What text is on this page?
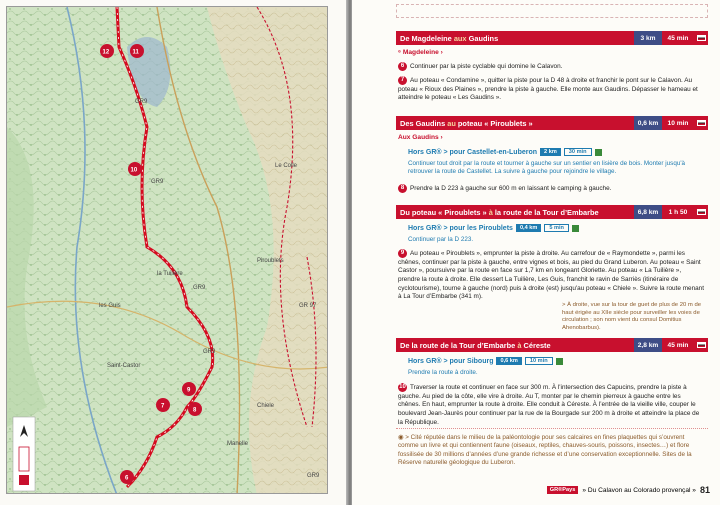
GR9
GR9
GR9
GR9
Le Colle
Piroublets
la Tuilière
les Guis
Saint-Castor
Chiele
Manelle
GR 97
GR9
12	11
10
9
8
7
6
De Magdeleine aux Gaudins	3 km	45 min
⁶ Magdeleine ›
6 Continuer par la piste cyclable qui domine le Calavon.
7 Au poteau « Condamine », quitter la piste pour la D 48 à droite et franchir le pont sur le Calavon. Au poteau « Rioux des Plaines », prendre la piste à gauche. Elle monte aux Gaudins. Dépasser le hameau et atteindre le poteau « Les Gaudins ».
Des Gaudins au poteau « Piroublets »	0,6 km	10 min
Aux Gaudins ›
Hors GR® > pour Castellet-en-Luberon	2 km	30 min
Continuer tout droit par la route et tourner à gauche sur un sentier en lisière de bois. Monter jusqu'à retrouver la route de Castellet. La suivre à gauche pour rejoindre le village.
8 Prendre la D 223 à gauche sur 600 m en laissant le camping à gauche.
Du poteau « Piroublets » à la route de la Tour d’Embarbe	6,8 km	1 h 50
Hors GR® > pour les Piroublets	0,4 km	5 min
Continuer par la D 223.
9 Au poteau « Piroublets », emprunter la piste à droite. Au carrefour de « Raymondette », parmi les chênes, continuer par la piste à gauche, entre vignes et bois, au pied du Grand Luberon. Au poteau « Saint Castor », poursuivre par la route en face sur 1,7 km en longeant Gloriette. Au poteau « La Tuilière », prendre la route à droite. Elle dessert La Tuilière, Les Guis, franchit le ravin de Sarriès (itinéraire de cyclotourisme), tourne à gauche (nord) puis à droite (est) jusqu'au poteau « Chiele ». Suivre la route menant à La Tour d’Embarbe (341 m).
> À droite, vue sur la tour de guet de plus de 20 m de haut érigée au XIIe siècle pour surveiller les voies de circulation ; son nom vient du consul Domitius Ahenobarbus).
De la route de la Tour d’Embarbe à Céreste	2,8 km	45 min
Hors GR® > pour Sibourg	0,6 km	10 min
Prendre la route à droite.
10 Traverser la route et continuer en face sur 300 m. À l'intersection des Capucins, prendre la piste à gauche. Au pied de la côte, elle vire à droite. Au T, monter par le chemin pierreux à gauche entre les chênes. En haut, emprunter la route à droite. Elle conduit à Céreste. À l’entrée de la vieille ville, couper le boulevard Jean-Jaurès pour continuer par la rue de la Bourgade sur 200 m à droite et atteindre la place de la République.
◉ > Cité réputée dans le milieu de la paléontologie pour ses calcaires en fines plaquettes qui s’ouvrent comme un livre et qui contiennent faune (oiseaux, reptiles, chauves-souris, poissons, insectes…) et flore fossilisée de 30 millions d’années d’une grande richesse et d’une conservation exceptionnelle. Sites de la Réserve naturelle géologique du Luberon.
GR®Pays	» Du Calavon au Colorado provençal » 81
